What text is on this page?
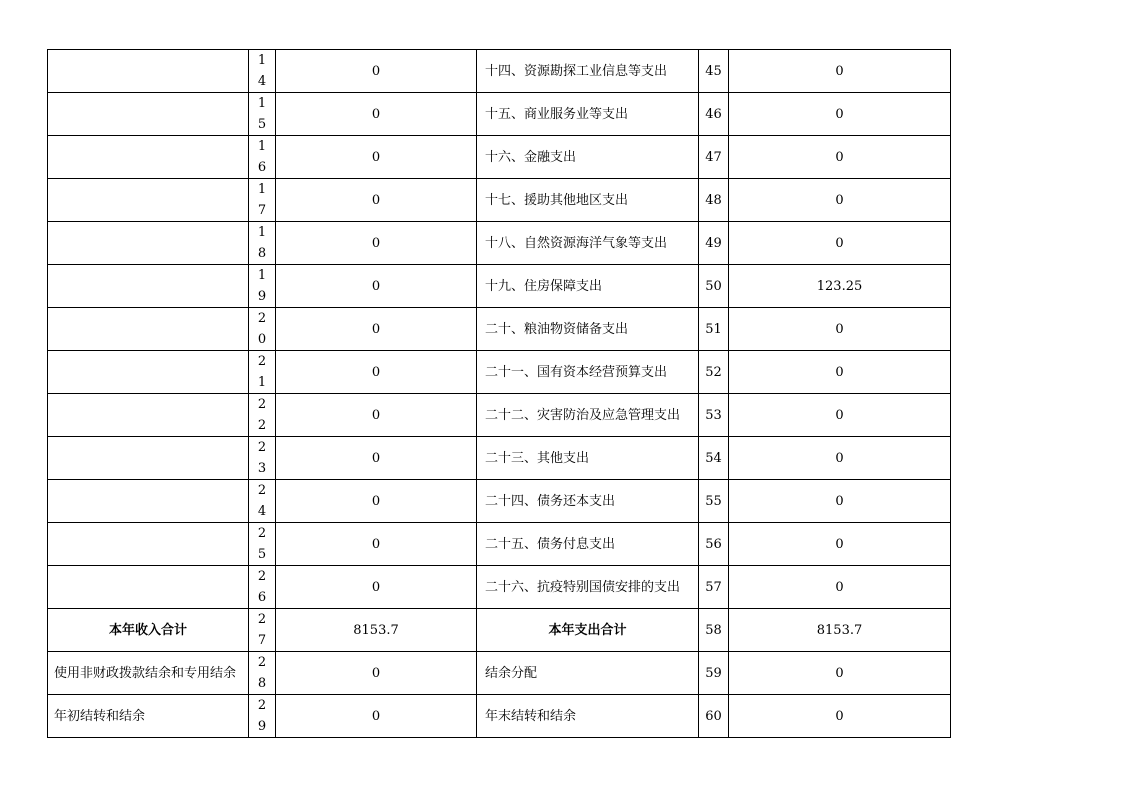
	14	0	十四、资源勘探工业信息等支出	45	0
	15	0	十五、商业服务业等支出	46	0
	16	0	十六、金融支出	47	0
	17	0	十七、援助其他地区支出	48	0
	18	0	十八、自然资源海洋气象等支出	49	0
	19	0	十九、住房保障支出	50	123.25
	20	0	二十、粮油物资储备支出	51	0
	21	0	二十一、国有资本经营预算支出	52	0
	22	0	二十二、灾害防治及应急管理支出	53	0
	23	0	二十三、其他支出	54	0
	24	0	二十四、债务还本支出	55	0
	25	0	二十五、债务付息支出	56	0
	26	0	二十六、抗疫特别国债安排的支出	57	0
本年收入合计	27	8153.7	本年支出合计	58	8153.7
使用非财政拨款结余和专用结余	28	0	结余分配	59	0
年初结转和结余	29	0	年末结转和结余	60	0
